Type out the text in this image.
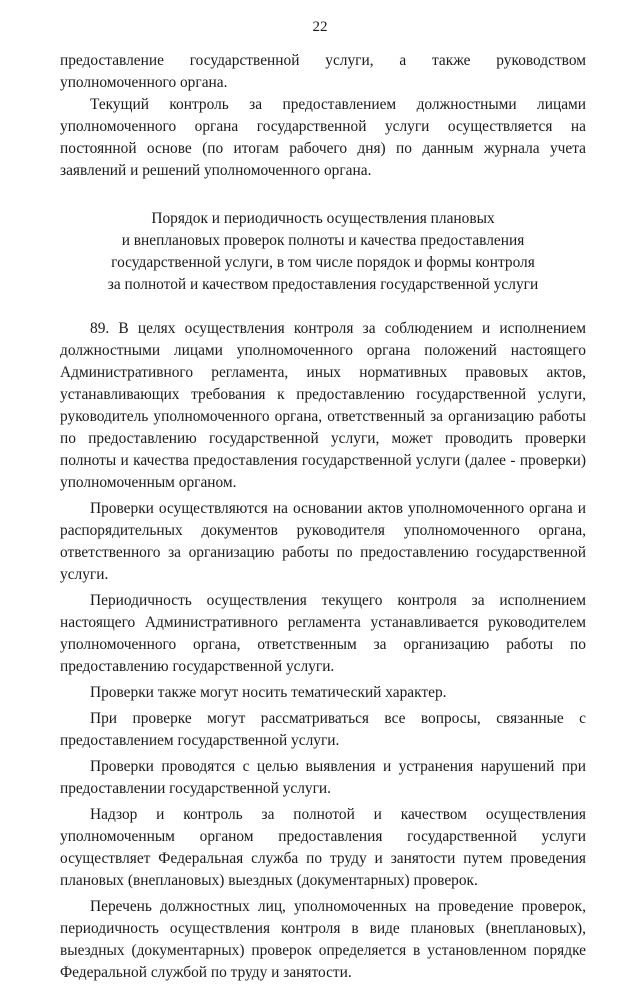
22

предоставление государственной услуги, а также руководством уполномоченного органа.

Текущий контроль за предоставлением должностными лицами уполномоченного органа государственной услуги осуществляется на постоянной основе (по итогам рабочего дня) по данным журнала учета заявлений и решений уполномоченного органа.

Порядок и периодичность осуществления плановых
и внеплановых проверок полноты и качества предоставления
государственной услуги, в том числе порядок и формы контроля
за полнотой и качеством предоставления государственной услуги

89. В целях осуществления контроля за соблюдением и исполнением должностными лицами уполномоченного органа положений настоящего Административного регламента, иных нормативных правовых актов, устанавливающих требования к предоставлению государственной услуги, руководитель уполномоченного органа, ответственный за организацию работы по предоставлению государственной услуги, может проводить проверки полноты и качества предоставления государственной услуги (далее - проверки) уполномоченным органом.

Проверки осуществляются на основании актов уполномоченного органа и распорядительных документов руководителя уполномоченного органа, ответственного за организацию работы по предоставлению государственной услуги.

Периодичность осуществления текущего контроля за исполнением настоящего Административного регламента устанавливается руководителем уполномоченного органа, ответственным за организацию работы по предоставлению государственной услуги.

Проверки также могут носить тематический характер.

При проверке могут рассматриваться все вопросы, связанные с предоставлением государственной услуги.

Проверки проводятся с целью выявления и устранения нарушений при предоставлении государственной услуги.

Надзор и контроль за полнотой и качеством осуществления уполномоченным органом предоставления государственной услуги осуществляет Федеральная служба по труду и занятости путем проведения плановых (внеплановых) выездных (документарных) проверок.

Перечень должностных лиц, уполномоченных на проведение проверок, периодичность осуществления контроля в виде плановых (внеплановых), выездных (документарных) проверок определяется в установленном порядке Федеральной службой по труду и занятости.
